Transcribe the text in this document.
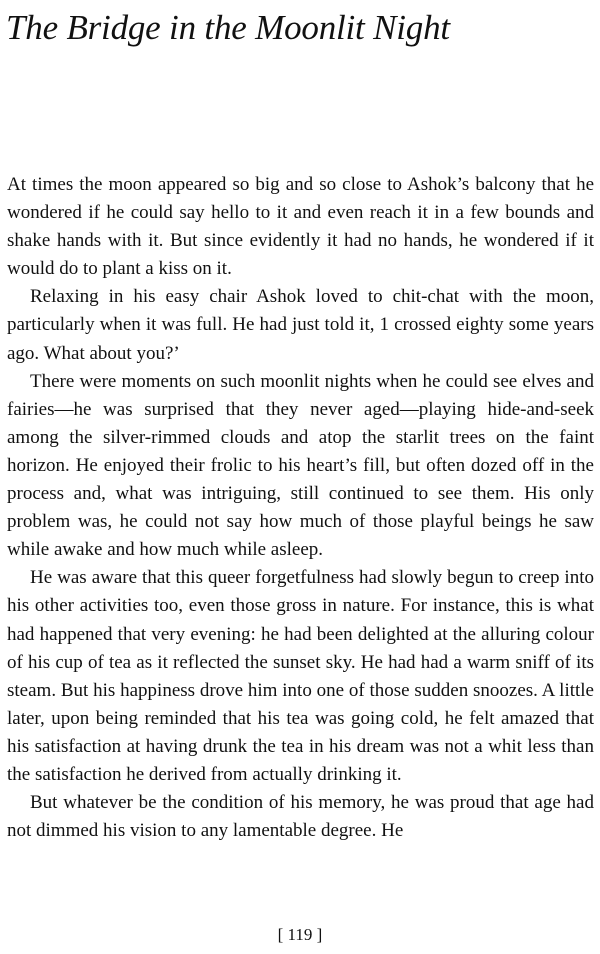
The Bridge in the Moonlit Night

At times the moon appeared so big and so close to Ashok’s balcony that he wondered if he could say hello to it and even reach it in a few bounds and shake hands with it. But since evidently it had no hands, he wondered if it would do to plant a kiss on it.

Relaxing in his easy chair Ashok loved to chit-chat with the moon, particularly when it was full. He had just told it, 1 crossed eighty some years ago. What about you?’

There were moments on such moonlit nights when he could see elves and fairies—he was surprised that they never aged—playing hide-and-seek among the silver-rimmed clouds and atop the starlit trees on the faint horizon. He enjoyed their frolic to his heart’s fill, but often dozed off in the process and, what was intriguing, still continued to see them. His only problem was, he could not say how much of those playful beings he saw while awake and how much while asleep.

He was aware that this queer forgetfulness had slowly begun to creep into his other activities too, even those gross in nature. For instance, this is what had happened that very evening: he had been delighted at the alluring colour of his cup of tea as it reflected the sunset sky. He had had a warm sniff of its steam. But his happiness drove him into one of those sudden snoozes. A little later, upon being reminded that his tea was going cold, he felt amazed that his satisfaction at having drunk the tea in his dream was not a whit less than the satisfaction he derived from actually drinking it.

But whatever be the condition of his memory, he was proud that age had not dimmed his vision to any lamentable degree. He

[ 119 ]
